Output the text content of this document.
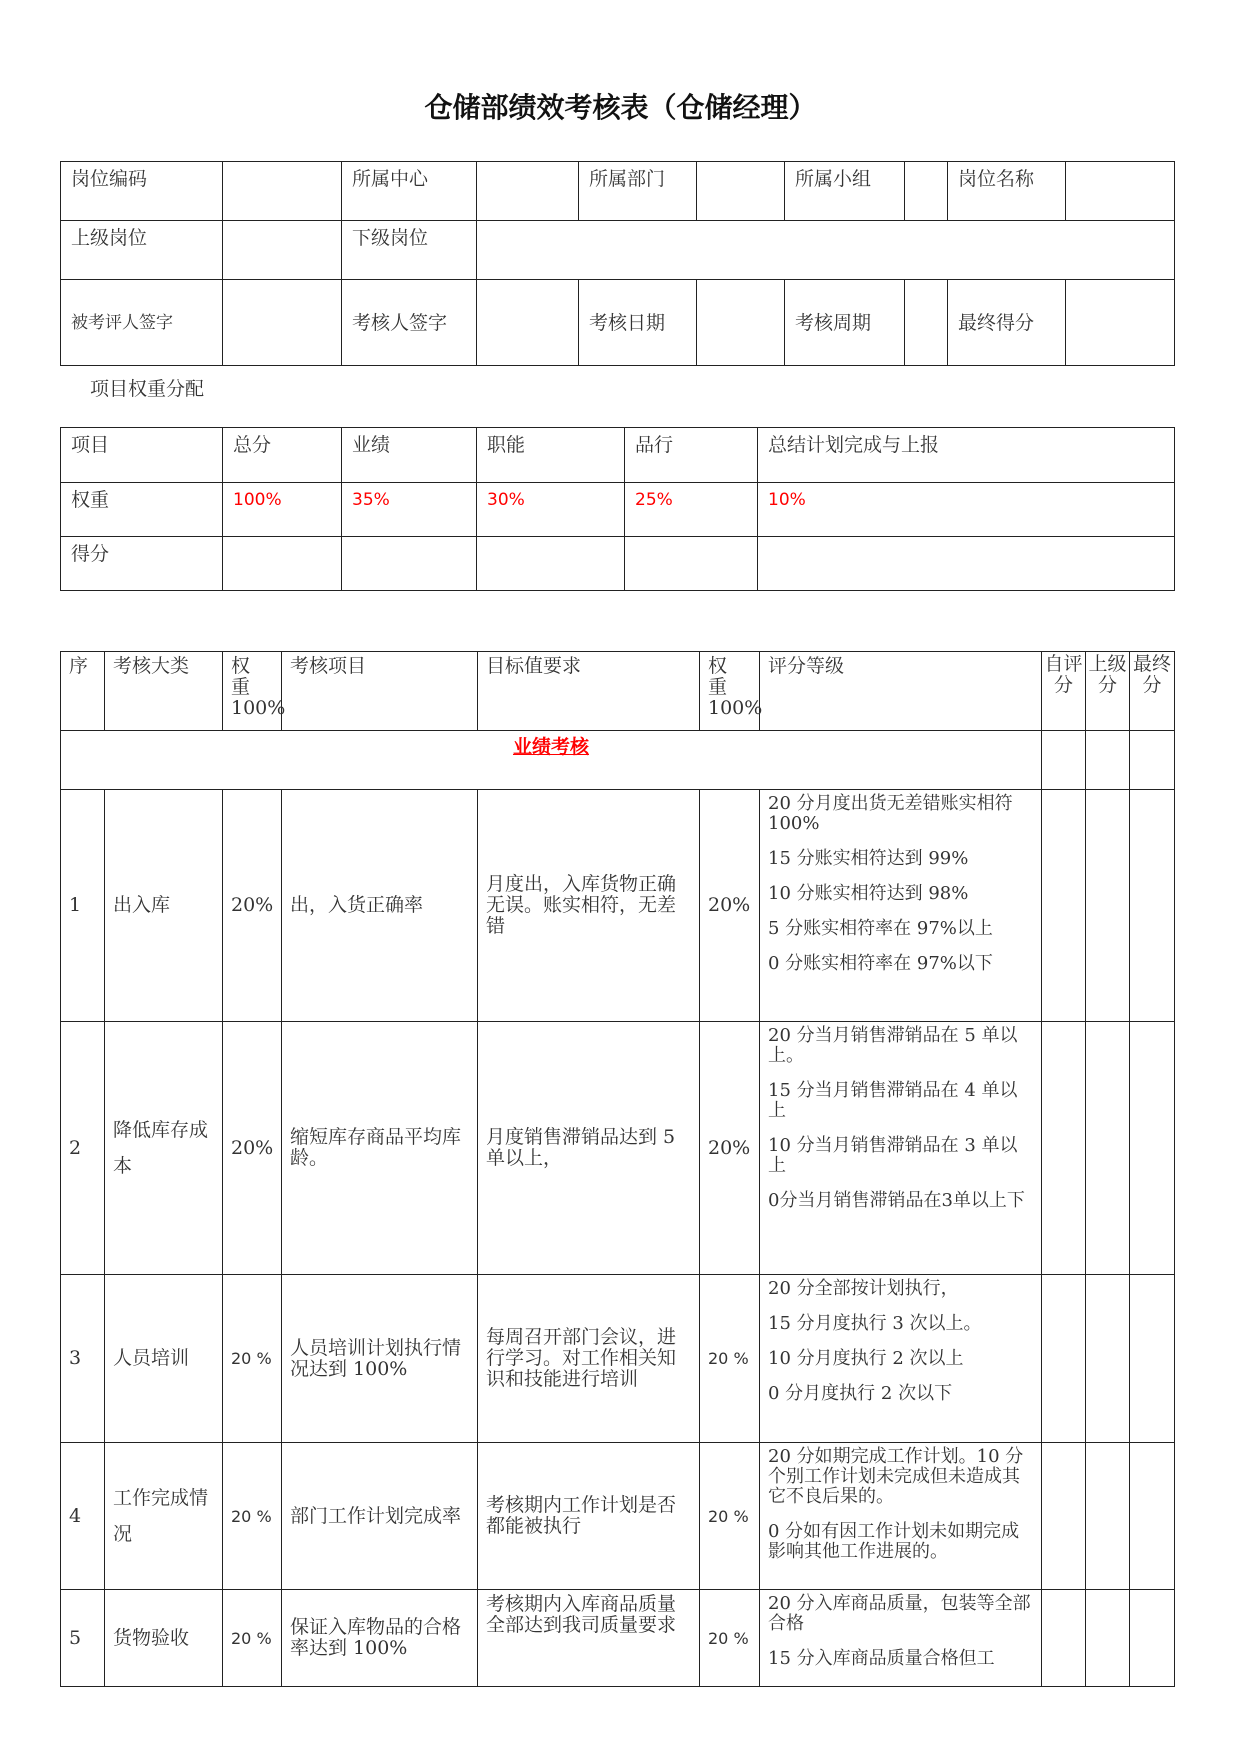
仓储部绩效考核表（仓储经理）
岗位编码		所属中心		所属部门		所属小组		岗位名称	
上级岗位		下级岗位							
被考评人签字		考核人签字		考核日期		考核周期		最终得分	
项目权重分配
项目	总分	业绩	职能	品行	总结计划完成与上报
权重	100%	35%	30%	25%	10%
得分					
序	考核大类	权 重 100%	考核项目	目标值要求	权 重 100%	评分等级	自评分	上级分	最终分
业绩考核									
1	出入库	20%	出，入货正确率	月度出，入库货物正确无误。账实相符，无差错	20%	20 分月度出货无差错账实相符 100%

15 分账实相符达到 99%

10 分账实相符达到 98%

5 分账实相符率在 97%以上

0 分账实相符率在 97%以下			

2	降低库存成本	20%	缩短库存商品平均库龄。	月度销售滞销品达到 5 单以上，	20%	20 分当月销售滞销品在 5 单以上。

15 分当月销售滞销品在 4 单以上

10 分当月销售滞销品在 3 单以上

0分当月销售滞销品在3单以上下			

3	人员培训	20 %	人员培训计划执行情况达到 100%	每周召开部门会议，进行学习。对工作相关知识和技能进行培训	20 %	20 分全部按计划执行，

15 分月度执行 3 次以上。

10 分月度执行 2 次以上

0 分月度执行 2 次以下			

4	工作完成情况	20 %	部门工作计划完成率	考核期内工作计划是否都能被执行	20 %	20 分如期完成工作计划。10 分个别工作计划未完成但未造成其它不良后果的。

0 分如有因工作计划未如期完成影响其他工作进展的。			

5	货物验收	20 %	保证入库物品的合格率达到 100%	考核期内入库商品质量全部达到我司质量要求	20 %	20 分入库商品质量，包装等全部合格

15 分入库商品质量合格但工			
